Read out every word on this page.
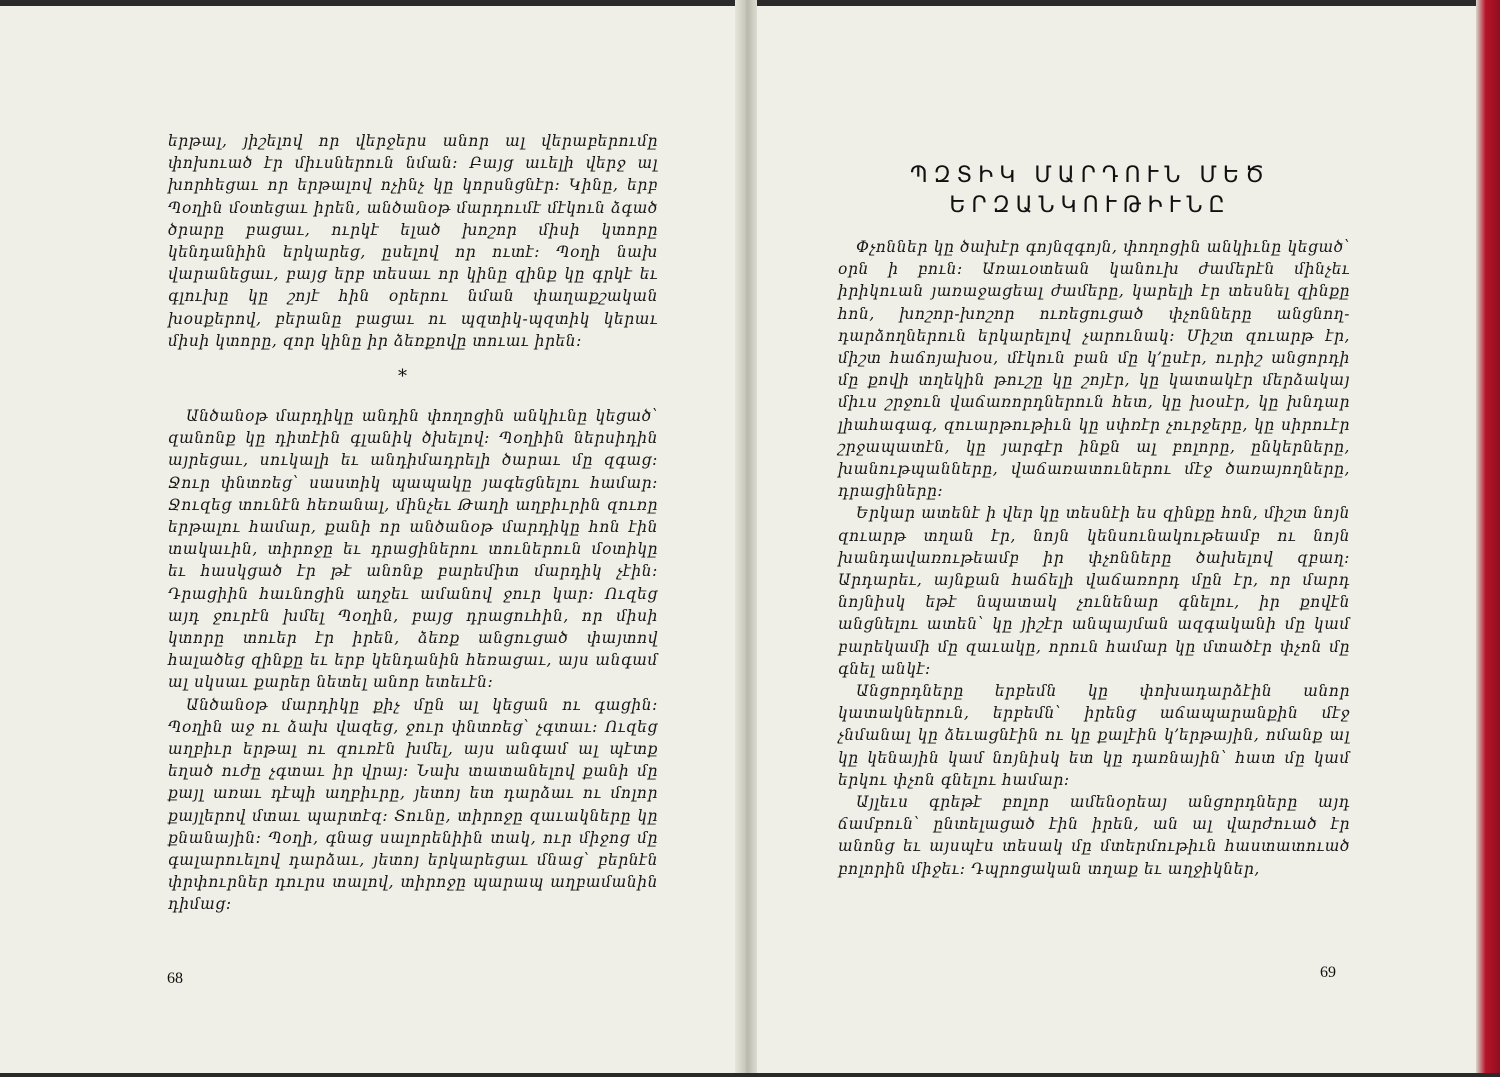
երթալ, յիշելով որ վերջերս անոր ալ վերաբերումը փոխուած էր միւսներուն նման։ Բայց աւելի վերջ ալ խորհեցաւ որ երթալով ոչինչ կը կորսնցնէր։ Կինը, երբ Պօղին մօտեցաւ իրեն, անծանօթ մարդումէ մէկուն ձգած ծրարը բացաւ, ուրկէ ելած խոշոր միսի կտորը կենդանիին երկարեց, ըսելով որ ուտէ։ Պօղի նախ վարանեցաւ, բայց երբ տեսաւ որ կինը զինք կը գրկէ եւ գլուխը կը շոյէ հին օրերու նման փաղաքշական խօսքերով, բերանը բացաւ ու պզտիկ-պզտիկ կերաւ միսի կտորը, զոր կինը իր ձեռքովը տուաւ իրեն։

*

Անծանօթ մարդիկը անդին փողոցին անկիւնը կեցած՝ զանոնք կը դիտէին գլանիկ ծխելով։ Պօղիին ներսիդին այրեցաւ, սուկալի եւ անդիմադրելի ծարաւ մը զգաց։ Ջուր փնտռեց՝ սաստիկ պապակը յագեցնելու համար։ Ջուզեց տունէն հեռանալ, մինչեւ Թաղի աղբիւրին զուռը երթալու համար, քանի որ անծանօթ մարդիկը հոն էին տակաւին, տիրոջը եւ դրացիներու տուներուն մօտիկը եւ հասկցած էր թէ անոնք բարեմիտ մարդիկ չէին։ Դրացիին հաւնոցին աղջեւ ամանով ջուր կար։ Ուզեց այդ ջուրէն խմել Պօղին, բայց դրացուհին, որ միսի կտորը տուեր էր իրեն, ձեռք անցուցած փայտով հալածեց զինքը եւ երբ կենդանին հեռացաւ, այս անգամ ալ սկսաւ քարեր նետել անոր ետեւէն։

Անծանօթ մարդիկը քիչ մըն ալ կեցան ու գացին։ Պօղին աջ ու ձախ վազեց, ջուր փնտռեց՝ չգտաւ։ Ուզեց աղբիւր երթալ ու զուռէն խմել, այս անգամ ալ պէտք եղած ուժը չգտաւ իր վրայ։ Նախ տատանելով քանի մը քայլ առաւ դէպի աղբիւրը, յետոյ ետ դարձաւ ու մոլոր քայլերով մտաւ պարտէզ։ Տունը, տիրոջը զաւակները կը քնանային։ Պօղի, գնաց սալորենիին տակ, ուր միջոց մը գալարուելով դարձաւ, յետոյ երկարեցաւ մնաց՝ բերնէն փրփուրներ դուրս տալով, տիրոջը պարապ աղբամանին դիմաց։

68
ՊԶՏԻԿ ՄԱՐԴՈՒՆ ՄԵԾ
ԵՐԶԱՆԿՈՒԹԻՒՆԸ

Փչոններ կը ծախէր գոյնզգոյն, փողոցին անկիւնը կեցած՝ օրն ի բուն։ Առաւօտեան կանուխ ժամերէն մինչեւ իրիկուան յառաջացեալ ժամերը, կարելի էր տեսնել զինքը հոն, խոշոր-խոշոր ուռեցուցած փչոնները անցնող-դարձողներուն երկարելով չարունակ։ Միշտ զուարթ էր, միշտ հաճոյախօս, մէկուն բան մը կ՚ըսէր, ուրիշ անցորդի մը քովի տղեկին թուշը կը շոյէր, կը կատակէր մերձակայ միւս շրջուն վաճառորդներուն հետ, կը խօսէր, կը խնդար լիահագագ, զուարթութիւն կը սփռէր չուրջերը, կը սիրուէր շրջապատէն, կը յարգէր ինքն ալ բոլորը, ընկերները, խանութպանները, վաճառատուներու մէջ ծառայողները, դրացիները։

Երկար ատենէ ի վեր կը տեսնէի ես զինքը հոն, միշտ նոյն զուարթ տղան էր, նոյն կենսունակութեամբ ու նոյն խանդավառութեամբ իր փչոնները ծախելով զբաղ։ Արդարեւ, այնքան հաճելի վաճառորդ մըն էր, որ մարդ նոյնիսկ եթէ նպատակ չունենար գնելու, իր քովէն անցնելու ատեն՝ կը յիշէր անպայման ազգականի մը կամ բարեկամի մը զաւակը, որուն համար կը մտածէր փչոն մը գնել անկէ։

Անցորդները երբեմն կը փոխադարձէին անոր կատակներուն, երբեմն՝ իրենց աճապարանքին մէջ չնմանալ կը ձեւացնէին ու կը քալէին կ՚երթային, ոմանք ալ կը կենային կամ նոյնիսկ ետ կը դառնային՝ հատ մը կամ երկու փչոն գնելու համար։

Այլեւս գրեթէ բոլոր ամենօրեայ անցորդները այդ ճամբուն՝ ընտելացած էին իրեն, ան ալ վարժուած էր անոնց եւ այսպէս տեսակ մը մտերմութիւն հաստատուած բոլորին միջեւ։ Դպրոցական տղաք եւ աղջիկներ,

69
